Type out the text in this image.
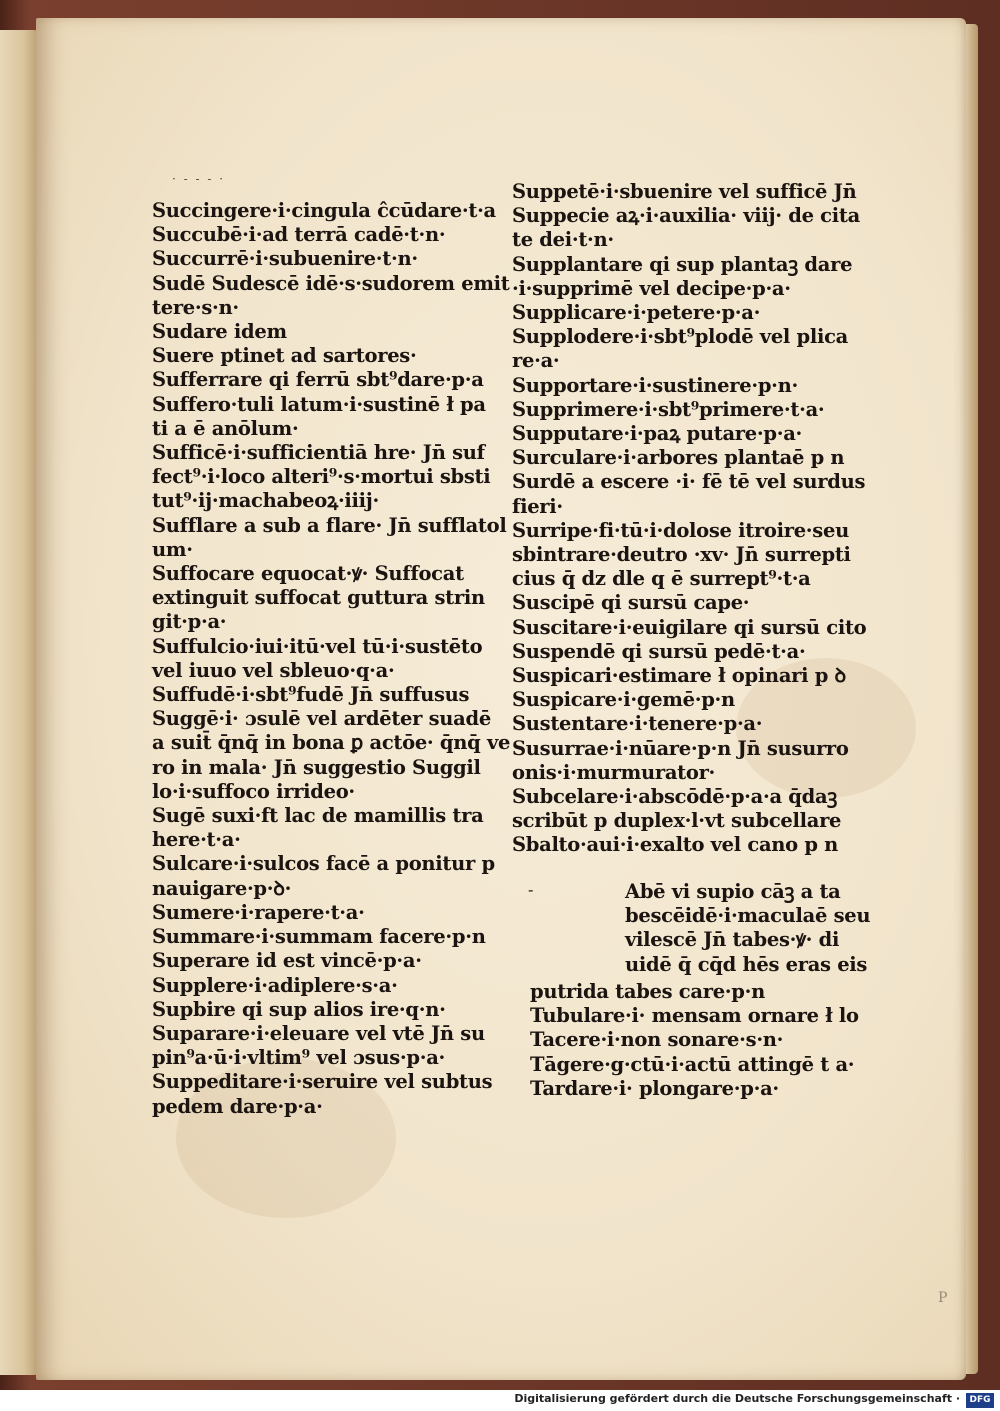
· - - - ·
Succingere·i·cingula ĉcūdare·t·a
Succubē·i·ad terrā cadē·t·n·
Succurrē·i·subuenire·t·n·
Sudē Sudescē idē·s·sudorem emit
tere·s·n·
Sudare idem
Suere ptinet ad sartores·
Sufferrare qi ferrū sbt⁹dare·p·a
Suffero·tuli latum·i·sustinē ł pa
ti a ē anōlum·
Sufficē·i·sufficientiā hre· Jn̄ suf
fect⁹·i·loco alteri⁹·s·mortui sbsti
tut⁹·ij·machabeoꝝ·iiij·
Sufflare a sub a flare· Jn̄ sufflatol
um·
Suffocare equocat·ꝟ· Suffocat
extinguit suffocat guttura strin
git·p·a·
Suffulcio·iui·itū·vel tū·i·sustēto
vel iuuo vel sbleuo·q·a·
Suffudē·i·sbt⁹fudē Jn̄ suffusus
Suggē·i· ɔsulē vel ardēter suadē
a suit̄ q̄nq̄ in bona ꝑ actōe· q̄nq̄ ve
ro in mala· Jn̄ suggestio Suggil
lo·i·suffoco irrideo·
Sugē suxi·ft lac de mamillis tra
here·t·a·
Sulcare·i·sulcos facē a ponitur p
nauigare·p·ꝺ·
Sumere·i·rapere·t·a·
Summare·i·summam facere·p·n
Superare id est vincē·p·a·
Supplere·i·adiplere·s·a·
Supbire qi sup alios ire·q·n·
Suparare·i·eleuare vel vtē Jn̄ su
pin⁹a·ū·i·vltim⁹ vel ɔsus·p·a·
Suppeditare·i·seruire vel subtus
pedem dare·p·a·
Suppetē·i·sbuenire vel sufficē Jn̄
Suppecie aꝝ·i·auxilia· viij· de cita
te dei·t·n·
Supplantare qi sup plantaꝫ dare
·i·supprimē vel decipe·p·a·
Supplicare·i·petere·p·a·
Supplodere·i·sbt⁹plodē vel plica
re·a·
Supportare·i·sustinere·p·n·
Supprimere·i·sbt⁹primere·t·a·
Supputare·i·paꝝ putare·p·a·
Surculare·i·arbores plantaē p n
Surdē a escere ·i· fē tē vel surdus
fieri·
Surripe·fi·tū·i·dolose itroire·seu
sbintrare·deutro ·xv· Jn̄ surrepti
cius q̄ dz dle q ē surrept⁹·t·a
Suscipē qi sursū cape·
Suscitare·i·euigilare qi sursū cito
Suspendē qi sursū pedē·t·a·
Suspicari·estimare ł opinari p ꝺ
Suspicare·i·gemē·p·n
Sustentare·i·tenere·p·a·
Susurrae·i·nūare·p·n Jn̄ susurro
onis·i·murmurator·
Subcelare·i·abscōdē·p·a·a q̄daꝫ
scribūt p duplex·l·vt subcellare
Sbalto·aui·i·exalto vel cano p n
-	Abē vi supio cāꝫ a ta
bescēidē·i·maculaē seu
vilescē Jn̄ tabes·ꝟ· di
uidē q̄ cq̄d hēs eras eis
putrida tabes care·p·n
Tubulare·i· mensam ornare ł lo
Tacere·i·non sonare·s·n·
Tāgere·g·ctū·i·actū attingē t a·
Tardare·i· plongare·p·a·
P
Digitalisierung gefördert durch die Deutsche Forschungsgemeinschaft ·	DFG
